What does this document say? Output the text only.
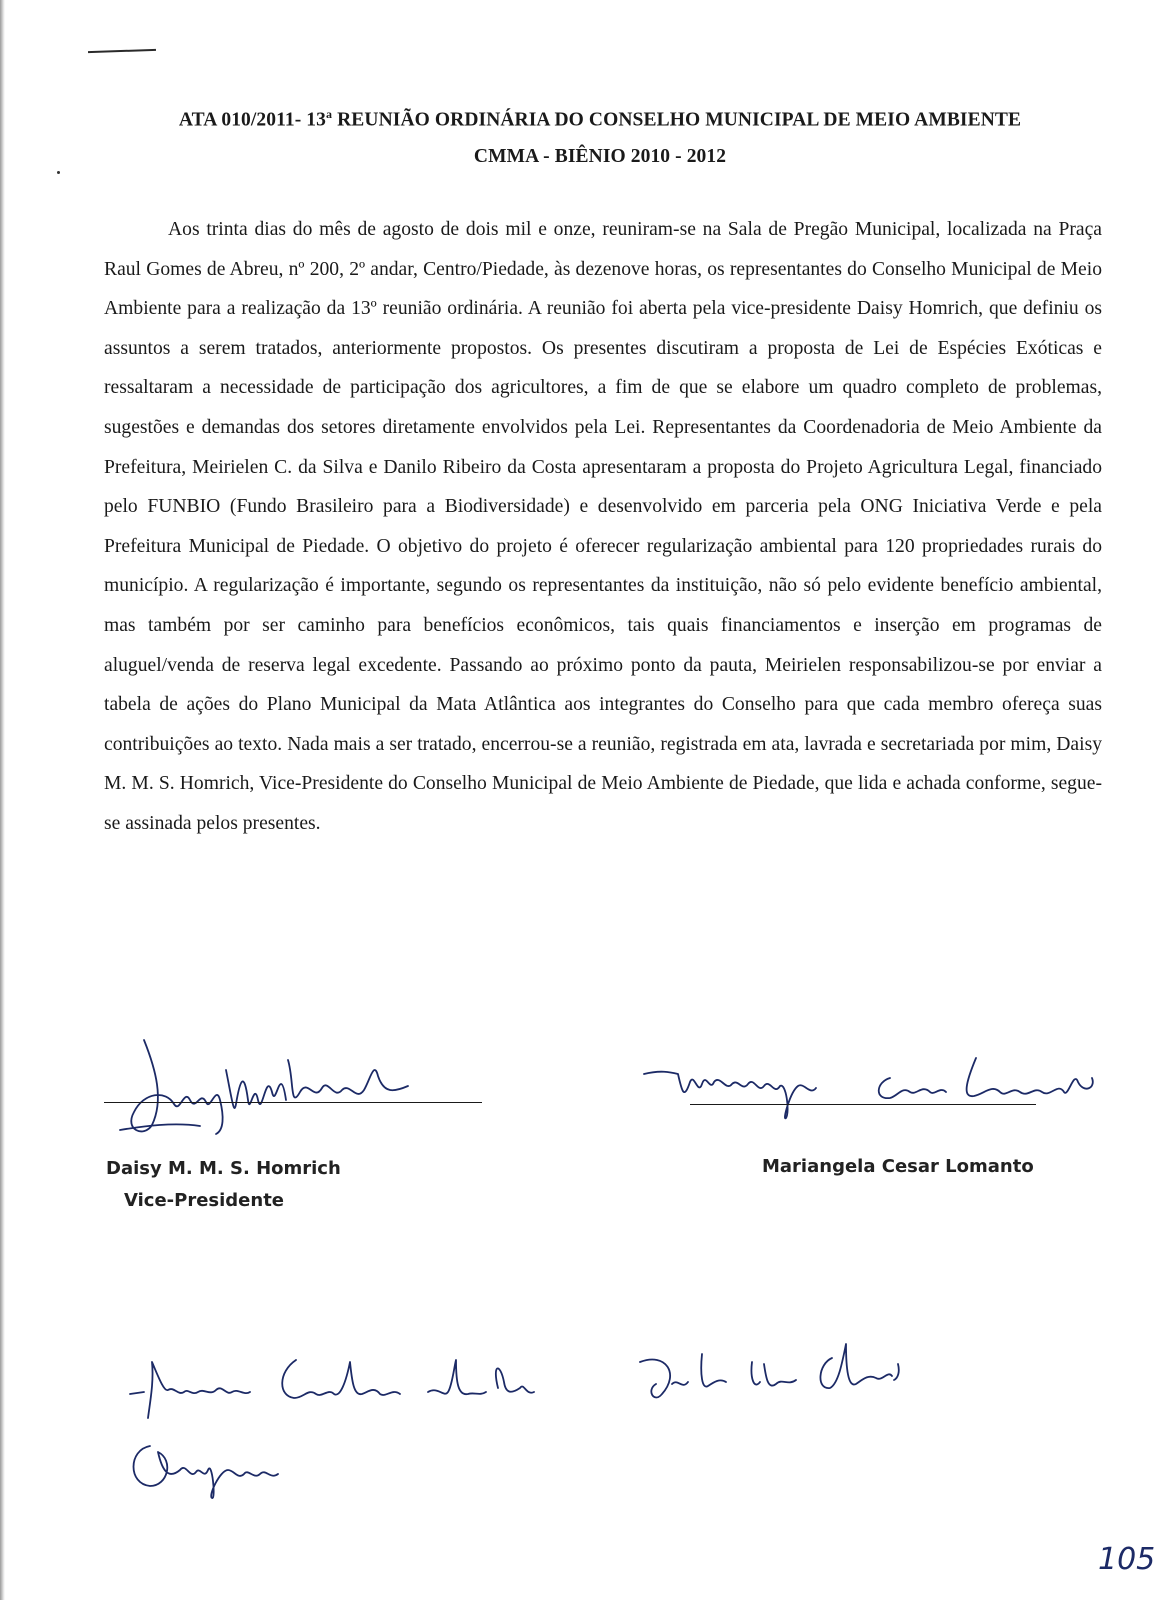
ATA 010/2011- 13$^a$ REUNIÃO ORDINÁRIA DO CONSELHO MUNICIPAL DE MEIO AMBIENTE
CMMA - BIÊNIO 2010 - 2012

Aos trinta dias do mês de agosto de dois mil e onze, reuniram-se na Sala de Pregão Municipal, localizada na Praça Raul Gomes de Abreu, nº 200, 2º andar, Centro/Piedade, às dezenove horas, os representantes do Conselho Municipal de Meio Ambiente para a realização da 13º reunião ordinária. A reunião foi aberta pela vice-presidente Daisy Homrich, que definiu os assuntos a serem tratados, anteriormente propostos. Os presentes discutiram a proposta de Lei de Espécies Exóticas e ressaltaram a necessidade de participação dos agricultores, a fim de que se elabore um quadro completo de problemas, sugestões e demandas dos setores diretamente envolvidos pela Lei. Representantes da Coordenadoria de Meio Ambiente da Prefeitura, Meirielen C. da Silva e Danilo Ribeiro da Costa apresentaram a proposta do Projeto Agricultura Legal, financiado pelo FUNBIO (Fundo Brasileiro para a Biodiversidade) e desenvolvido em parceria pela ONG Iniciativa Verde e pela Prefeitura Municipal de Piedade. O objetivo do projeto é oferecer regularização ambiental para 120 propriedades rurais do município. A regularização é importante, segundo os representantes da instituição, não só pelo evidente benefício ambiental, mas também por ser caminho para benefícios econômicos, tais quais financiamentos e inserção em programas de aluguel/venda de reserva legal excedente. Passando ao próximo ponto da pauta, Meirielen responsabilizou-se por enviar a tabela de ações do Plano Municipal da Mata Atlântica aos integrantes do Conselho para que cada membro ofereça suas contribuições ao texto. Nada mais a ser tratado, encerrou-se a reunião, registrada em ata, lavrada e secretariada por mim, Daisy M. M. S. Homrich, Vice-Presidente do Conselho Municipal de Meio Ambiente de Piedade, que lida e achada conforme, segue-se assinada pelos presentes.

Daisy M. M. S. Homrich
Vice-Presidente
Mariangela Cesar Lomanto
105
